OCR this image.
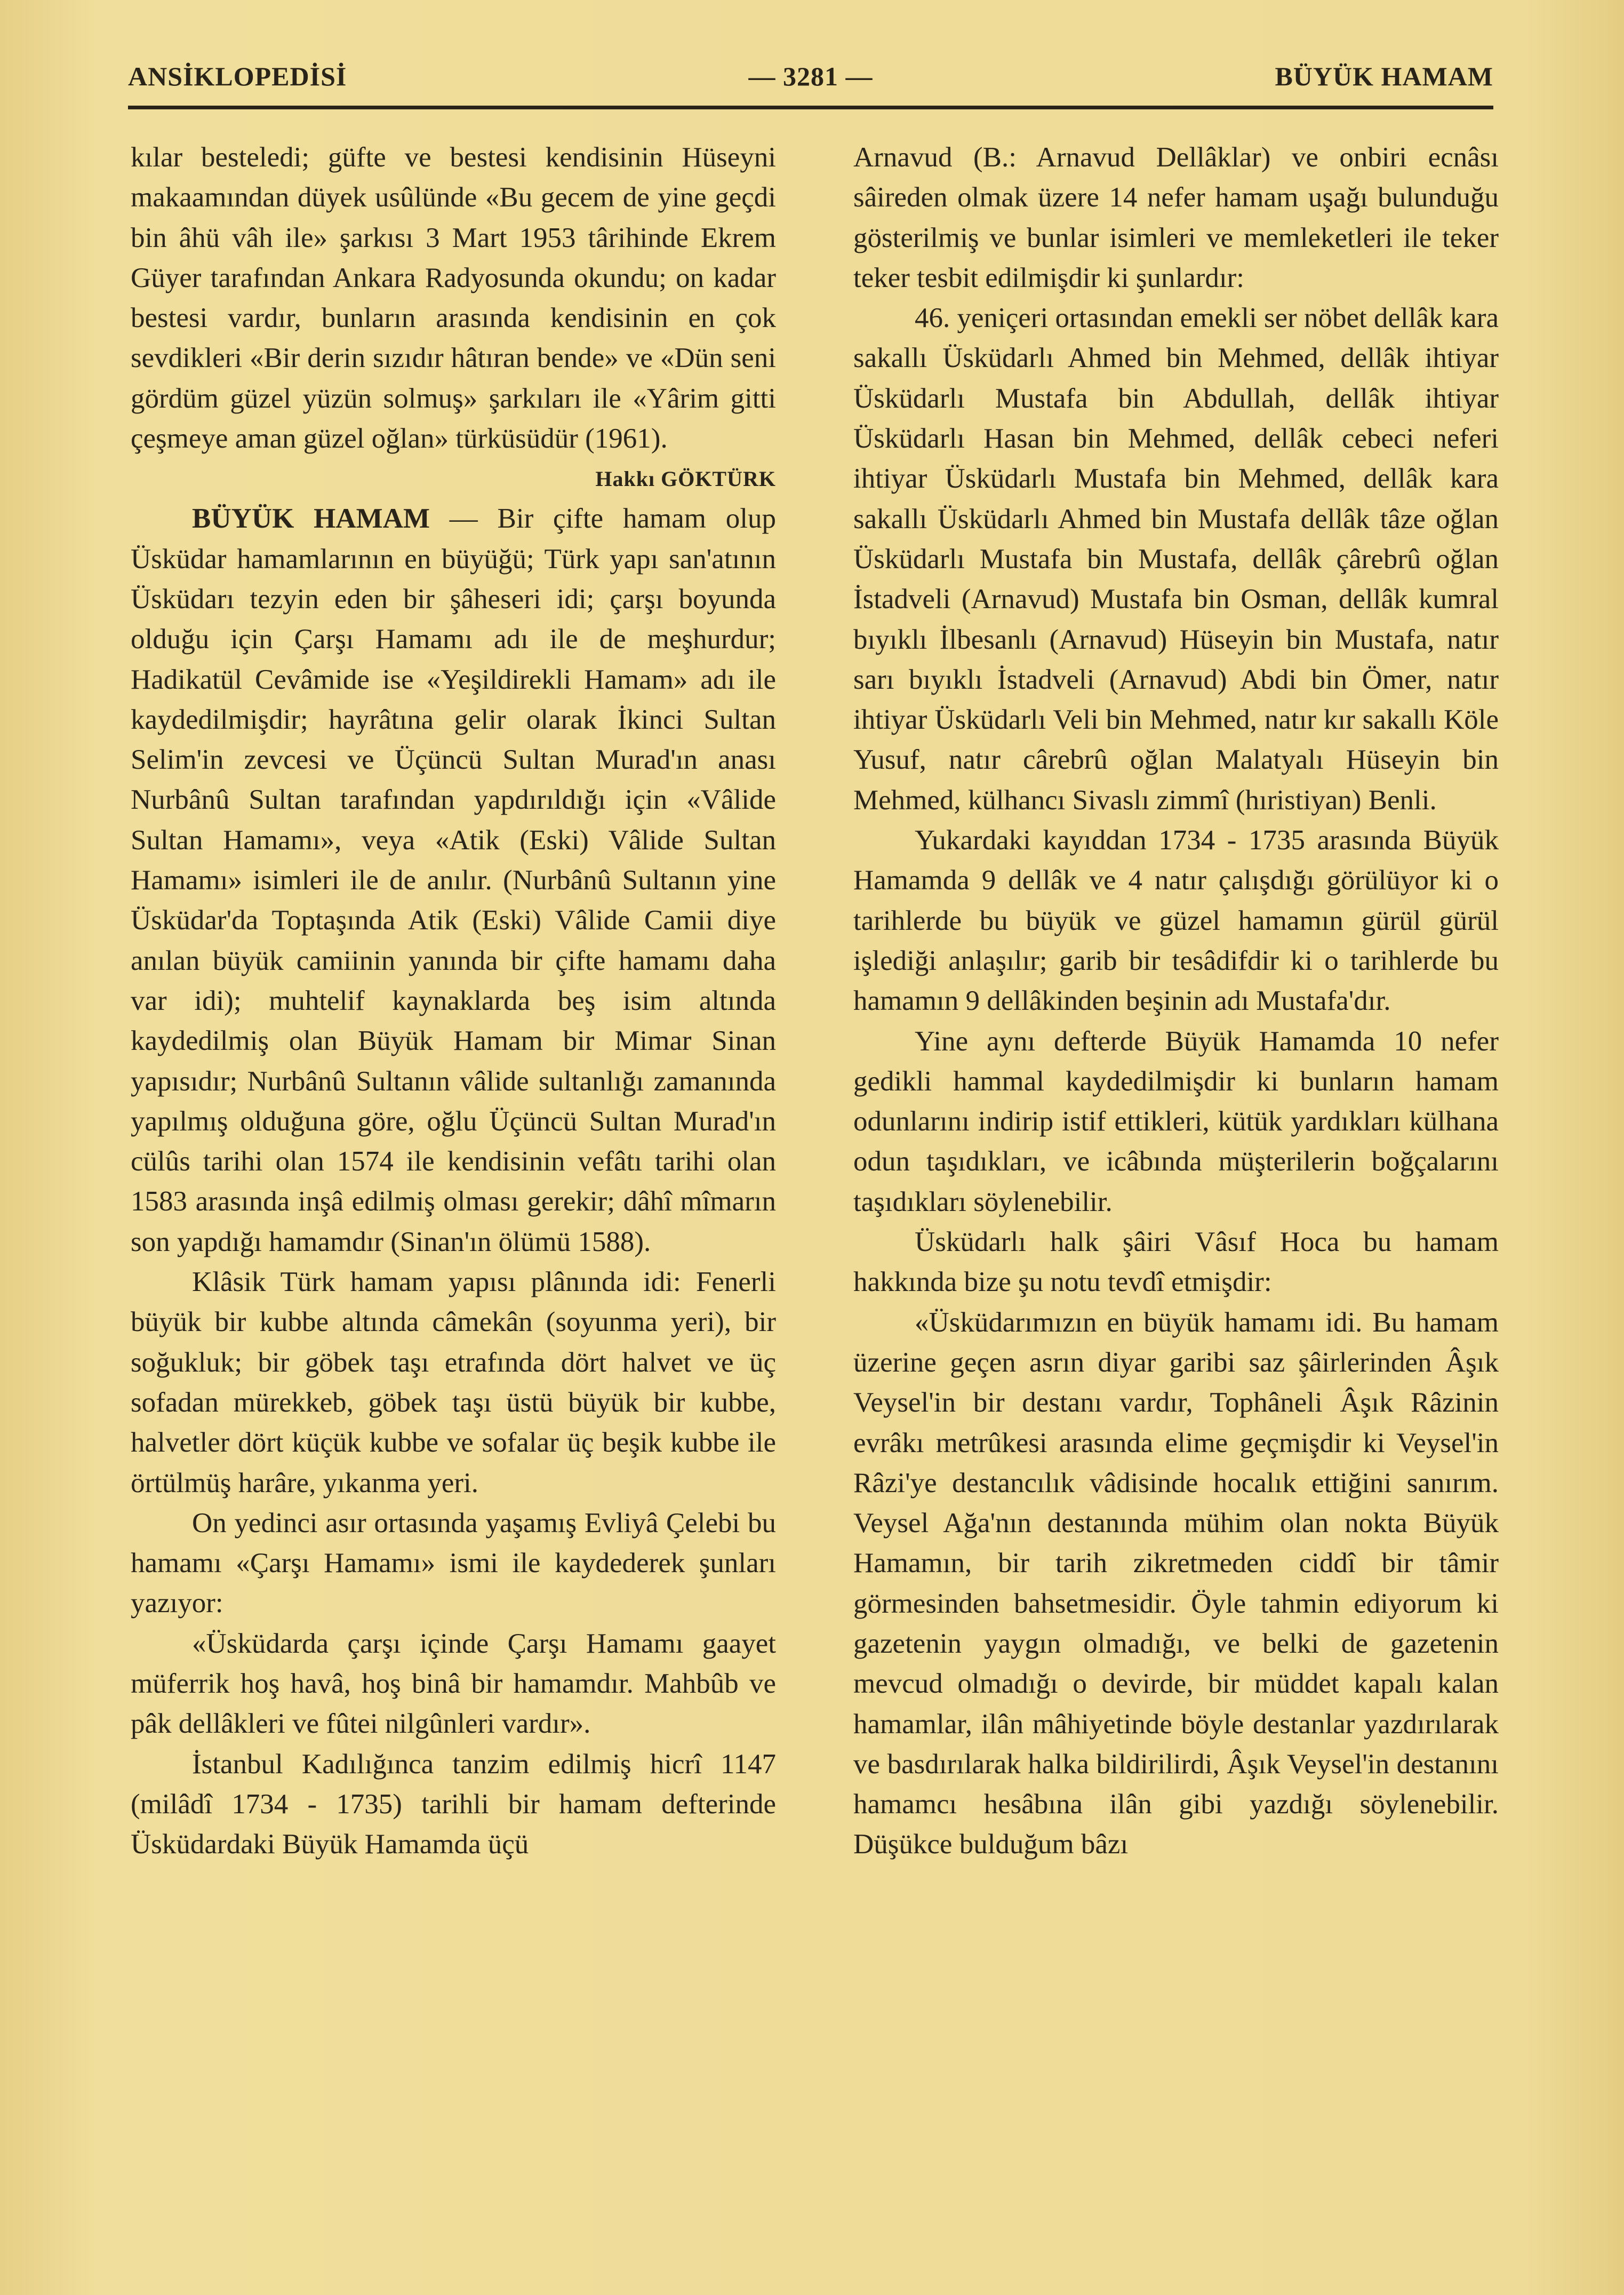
ANSİKLOPEDİSİ	— 3281 —	BÜYÜK HAMAM

kılar besteledi; güfte ve bestesi kendisinin Hüseyni makaamından düyek usûlünde «Bu gecem de yine geçdi bin âhü vâh ile» şarkısı 3 Mart 1953 târihinde Ekrem Güyer tarafından Ankara Radyosunda okundu; on kadar bestesi vardır, bunların arasında kendisinin en çok sevdikleri «Bir derin sızıdır hâtıran bende» ve «Dün seni gördüm güzel yüzün solmuş» şarkıları ile «Yârim gitti çeşmeye aman güzel oğlan» türküsüdür (1961).

Hakkı GÖKTÜRK

BÜYÜK HAMAM — Bir çifte hamam olup Üsküdar hamamlarının en büyüğü; Türk yapı san'atının Üsküdarı tezyin eden bir şâhеseri idi; çarşı boyunda olduğu için Çarşı Hamamı adı ile de meşhurdur; Hadikatül Cevâmide ise «Yeşildirekli Hamam» adı ile kaydedilmişdir; hayrâtına gelir olarak İkinci Sultan Selim'in zevcesi ve Üçüncü Sultan Murad'ın anası Nurbânû Sultan tarafından yapdırıldığı için «Vâlide Sultan Hamamı», veya «Atik (Eski) Vâlide Sultan Hamamı» isimleri ile de anılır. (Nurbânû Sultanın yine Üsküdar'da Toptaşında Atik (Eski) Vâlide Camii diye anılan büyük camiinin yanında bir çifte hamamı daha var idi); muhtelif kaynaklarda beş isim altında kaydedilmiş olan Büyük Hamam bir Mimar Sinan yapısıdır; Nurbânû Sultanın vâlide sultanlığı zamanında yapılmış olduğuna göre, oğlu Üçüncü Sultan Murad'ın cülûs tarihi olan 1574 ile kendisinin vefâtı tarihi olan 1583 arasında inşâ edilmiş olması gerekir; dâhî mîmarın son yapdığı hamamdır (Sinan'ın ölümü 1588).

Klâsik Türk hamam yapısı plânında idi: Fenerli büyük bir kubbe altında câmekân (soyunma yeri), bir soğukluk; bir göbek taşı etrafında dört halvet ve üç sofadan mürekkeb, göbek taşı üstü büyük bir kubbe, halvetler dört küçük kubbe ve sofalar üç beşik kubbe ile örtülmüş harâre, yıkanma yeri.

On yedinci asır ortasında yaşamış Evliyâ Çelebi bu hamamı «Çarşı Hamamı» ismi ile kaydederek şunları yazıyor:

«Üsküdarda çarşı içinde Çarşı Hamamı gaayet müferrik hoş havâ, hoş binâ bir hamamdır. Mahbûb ve pâk dellâkleri ve fûtei nilgûnleri vardır».

İstanbul Kadılığınca tanzim edilmiş hicrî 1147 (milâdî 1734 - 1735) tarihli bir hamam defterinde Üsküdardaki Büyük Hamamda üçü

Arnavud (B.: Arnavud Dellâklar) ve onbiri ecnâsı sâireden olmak üzere 14 nefer hamam uşağı bulunduğu gösterilmiş ve bunlar isimleri ve memleketleri ile teker teker tesbit edilmişdir ki şunlardır:

46. yeniçeri ortasından emekli ser nöbet dellâk kara sakallı Üsküdarlı Ahmed bin Mehmed, dellâk ihtiyar Üsküdarlı Mustafa bin Abdullah, dellâk ihtiyar Üsküdarlı Hasan bin Mehmed, dellâk cebeci neferi ihtiyar Üsküdarlı Mustafa bin Mehmed, dellâk kara sakallı Üsküdarlı Ahmed bin Mustafa dellâk tâze oğlan Üsküdarlı Mustafa bin Mustafa, dellâk çârebrû oğlan İstadveli (Arnavud) Mustafa bin Osman, dellâk kumral bıyıklı İlbesanlı (Arnavud) Hüseyin bin Mustafa, natır sarı bıyıklı İstadveli (Arnavud) Abdi bin Ömer, natır ihtiyar Üsküdarlı Veli bin Mehmed, natır kır sakallı Köle Yusuf, natır cârebrû oğlan Malatyalı Hüseyin bin Mehmed, külhancı Sivaslı zimmî (hıristiyan) Benli.

Yukardaki kayıddan 1734 - 1735 arasında Büyük Hamamda 9 dellâk ve 4 natır çalışdığı görülüyor ki o tarihlerde bu büyük ve güzel hamamın gürül gürül işlediği anlaşılır; garib bir tesâdifdir ki o tarihlerde bu hamamın 9 dellâkinden beşinin adı Mustafa'dır.

Yine aynı defterde Büyük Hamamda 10 nefer gedikli hammal kaydedilmişdir ki bunların hamam odunlarını indirip istif ettikleri, kütük yardıkları külhana odun taşıdıkları, ve icâbında müşterilerin boğçalarını taşıdıkları söylenebilir.

Üsküdarlı halk şâiri Vâsıf Hoca bu hamam hakkında bize şu notu tevdî etmişdir:

«Üsküdarımızın en büyük hamamı idi. Bu hamam üzerine geçen asrın diyar garibi saz şâirlerinden Âşık Veysel'in bir destanı vardır, Tophâneli Âşık Râzinin evrâkı metrûkesi arasında elime geçmişdir ki Veysel'in Râzi'ye destancılık vâdisinde hocalık ettiğini sanırım. Veysel Ağa'nın destanında mühim olan nokta Büyük Hamamın, bir tarih zikretmeden ciddî bir tâmir görmesinden bahsetmesidir. Öyle tahmin ediyorum ki gazetenin yaygın olmadığı, ve belki de gazetenin mevcud olmadığı o devirde, bir müddet kapalı kalan hamamlar, ilân mâhiyetinde böyle destanlar yazdırılarak ve basdırılarak halka bildirilirdi, Âşık Veysel'in destanını hamamcı hesâbına ilân gibi yazdığı söylenebilir. Düşükce bulduğum bâzı
